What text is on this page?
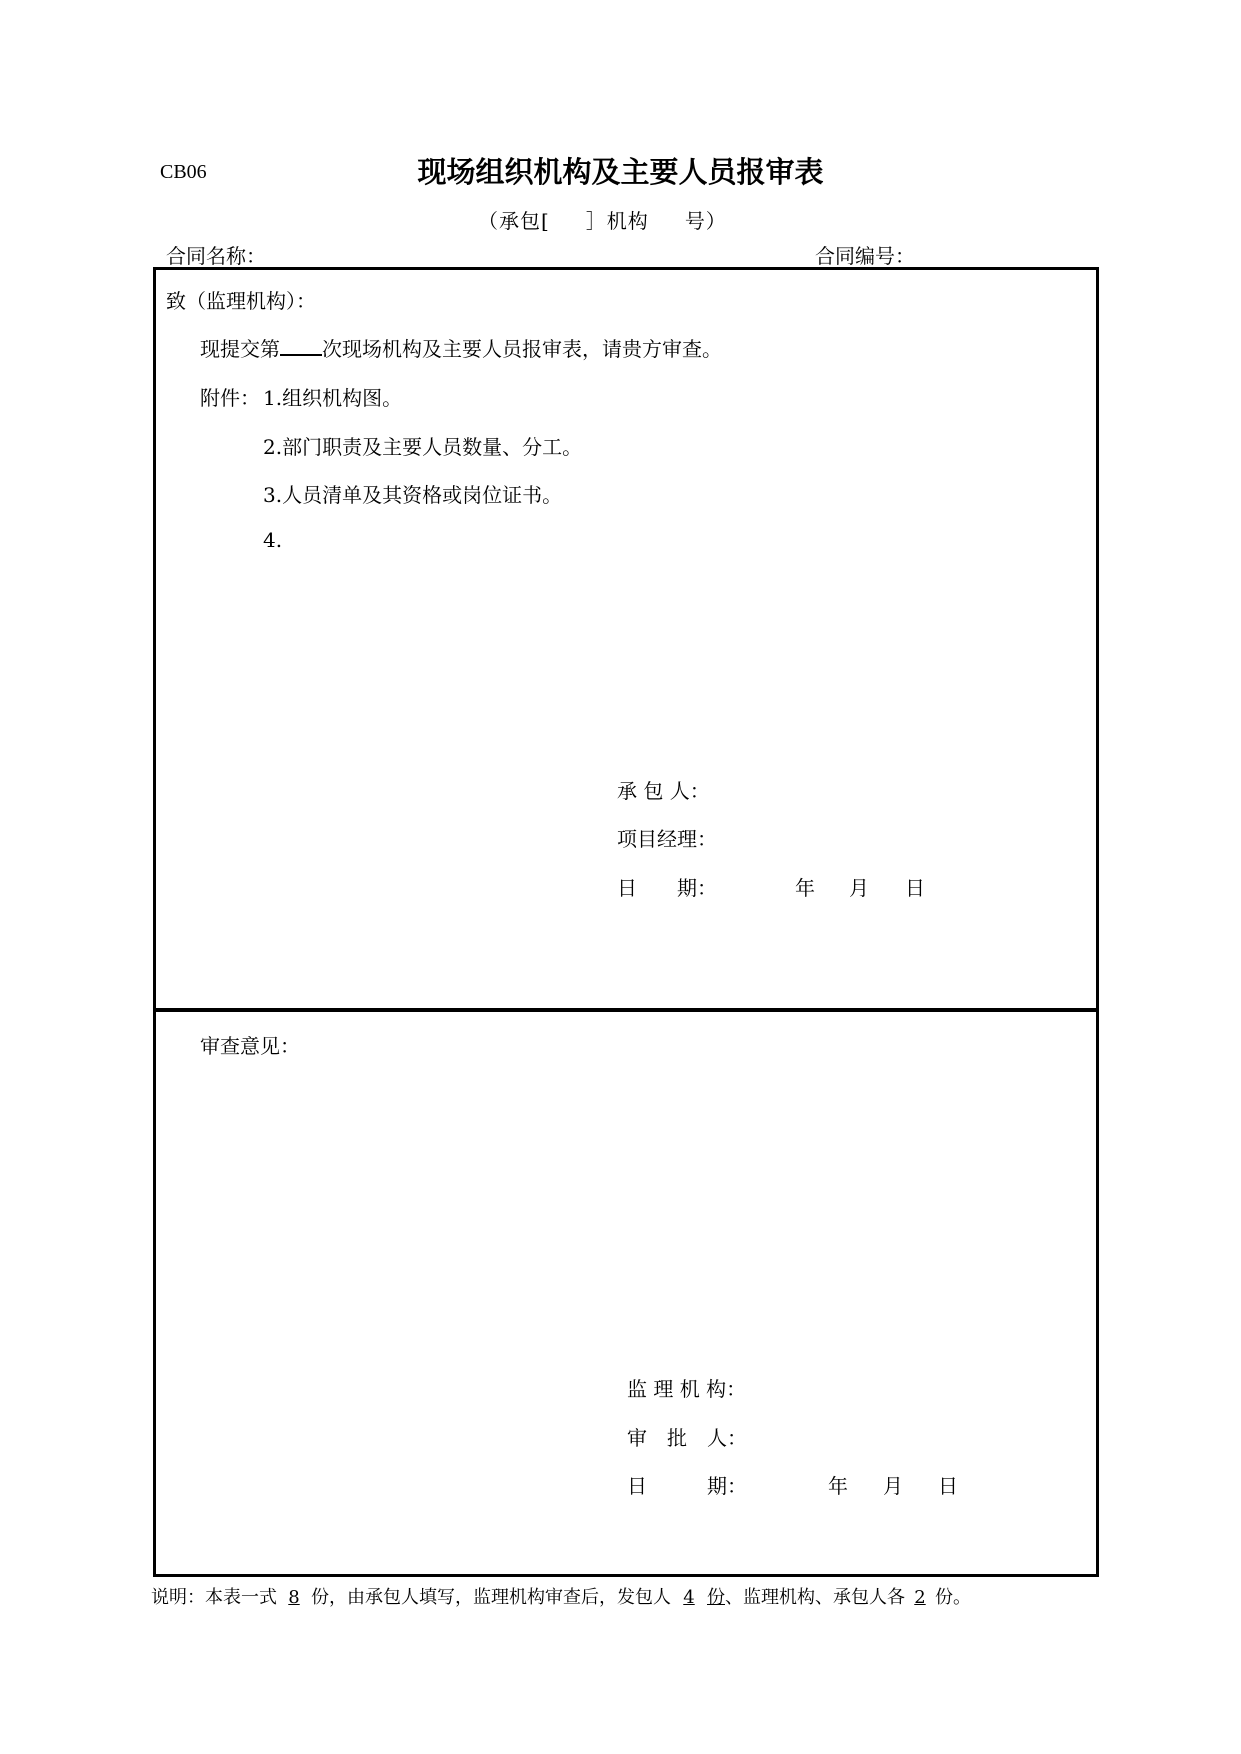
CB06	现场组织机构及主要人员报审表
（承包[ ］机构 号）
合同名称：	合同编号：
致（监理机构）：
现提交第 次现场机构及主要人员报审表，请贵方审查。
附件： 1.组织机构图。
2.部门职责及主要人员数量、分工。
3.人员清单及其资格或岗位证书。
4.
承 包 人：
项目经理：
日　　期：	年 月 日
审查意见：
监 理 机 构：
审　批　人：
日　　　期：	年 月 日
说明：本表一式 8 份，由承包人填写，监理机构审查后，发包人 4 份、监理机构、承包人各 2 份。
